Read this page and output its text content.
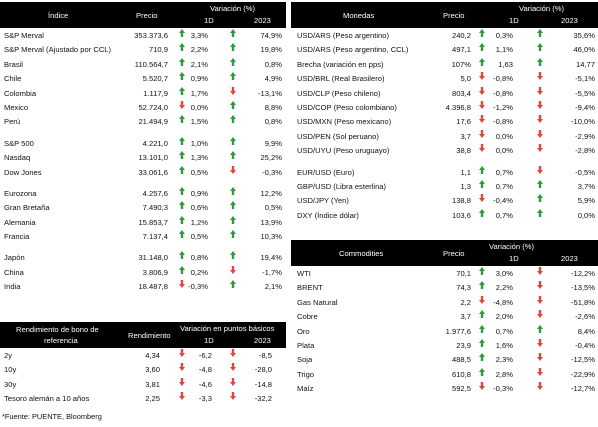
Índice	Precio
Variación (%)
1D	2023
S&P Merval	353.373,6	3,3%	74,9%
S&P Merval (Ajustado por CCL)	710,9	2,2%	19,8%
Brasil	110.564,7	2,1%	0,8%
Chile	5.520,7	0,9%	4,9%
Colombia	1.117,9	1,7%	-13,1%
Mexico	52.724,0	0,0%	8,8%
Perú	21.494,9	1,5%	0,8%
S&P 500	4.221,0	1,0%	9,9%
Nasdaq	13.101,0	1,3%	25,2%
Dow Jones	33.061,6	0,5%	-0,3%
Eurozona	4.257,6	0,9%	12,2%
Gran Bretaña	7.490,3	0,6%	0,5%
Alemania	15.853,7	1,2%	13,9%
Francia	7.137,4	0,5%	10,3%
Japón	31.148,0	0,8%	19,4%
China	3.806,9	0,2%	-1,7%
India	18.487,8	-0,3%	2,1%
Monedas	Precio
Variación (%)
1D	2023
USD/ARS (Peso argentino)	240,2	0,3%	35,6%
USD/ARS (Peso argentino, CCL)	497,1	1,1%	46,0%
Brecha (variación en pps)	107%	1,63	14,77
USD/BRL (Real Brasilero)	5,0	-0,8%	-5,1%
USD/CLP (Peso chileno)	803,4	-0,8%	-5,5%
USD/COP (Peso colombiano)	4.396,8	-1,2%	-9,4%
USD/MXN (Peso mexicano)	17,6	-0,8%	-10,0%
USD/PEN (Sol peruano)	3,7	0,0%	-2,9%
USD/UYU (Peso uruguayo)	38,8	0,0%	-2,8%
EUR/USD (Euro)	1,1	0,7%	-0,5%
GBP/USD (Libra esterlina)	1,3	0,7%	3,7%
USD/JPY (Yen)	138,8	-0,4%	5,9%
DXY (Índice dólar)	103,6	0,7%	0,0%
Commodities	Precio
Variación (%)
1D	2023
WTI	70,1	3,0%	-12,2%
BRENT	74,3	2,2%	-13,5%
Gas Natural	2,2	-4,8%	-51,8%
Cobre	3,7	2,0%	-2,6%
Oro	1.977,6	0,7%	8,4%
Plata	23,9	1,6%	-0,4%
Soja	488,5	2,3%	-12,5%
Trigo	610,8	2,8%	-22,9%
Maíz	592,5	-0,3%	-12,7%
Rendimiento de bono de
referencia
Rendimiento
Variación en puntos básicos
1D	2023
2y	4,34	-6,2	-8,5
10y	3,60	-4,8	-28,0
30y	3,81	-4,6	-14,8
Tesoro alemán a 10 años	2,25	-3,3	-32,2
*Fuente: PUENTE, Bloomberg
